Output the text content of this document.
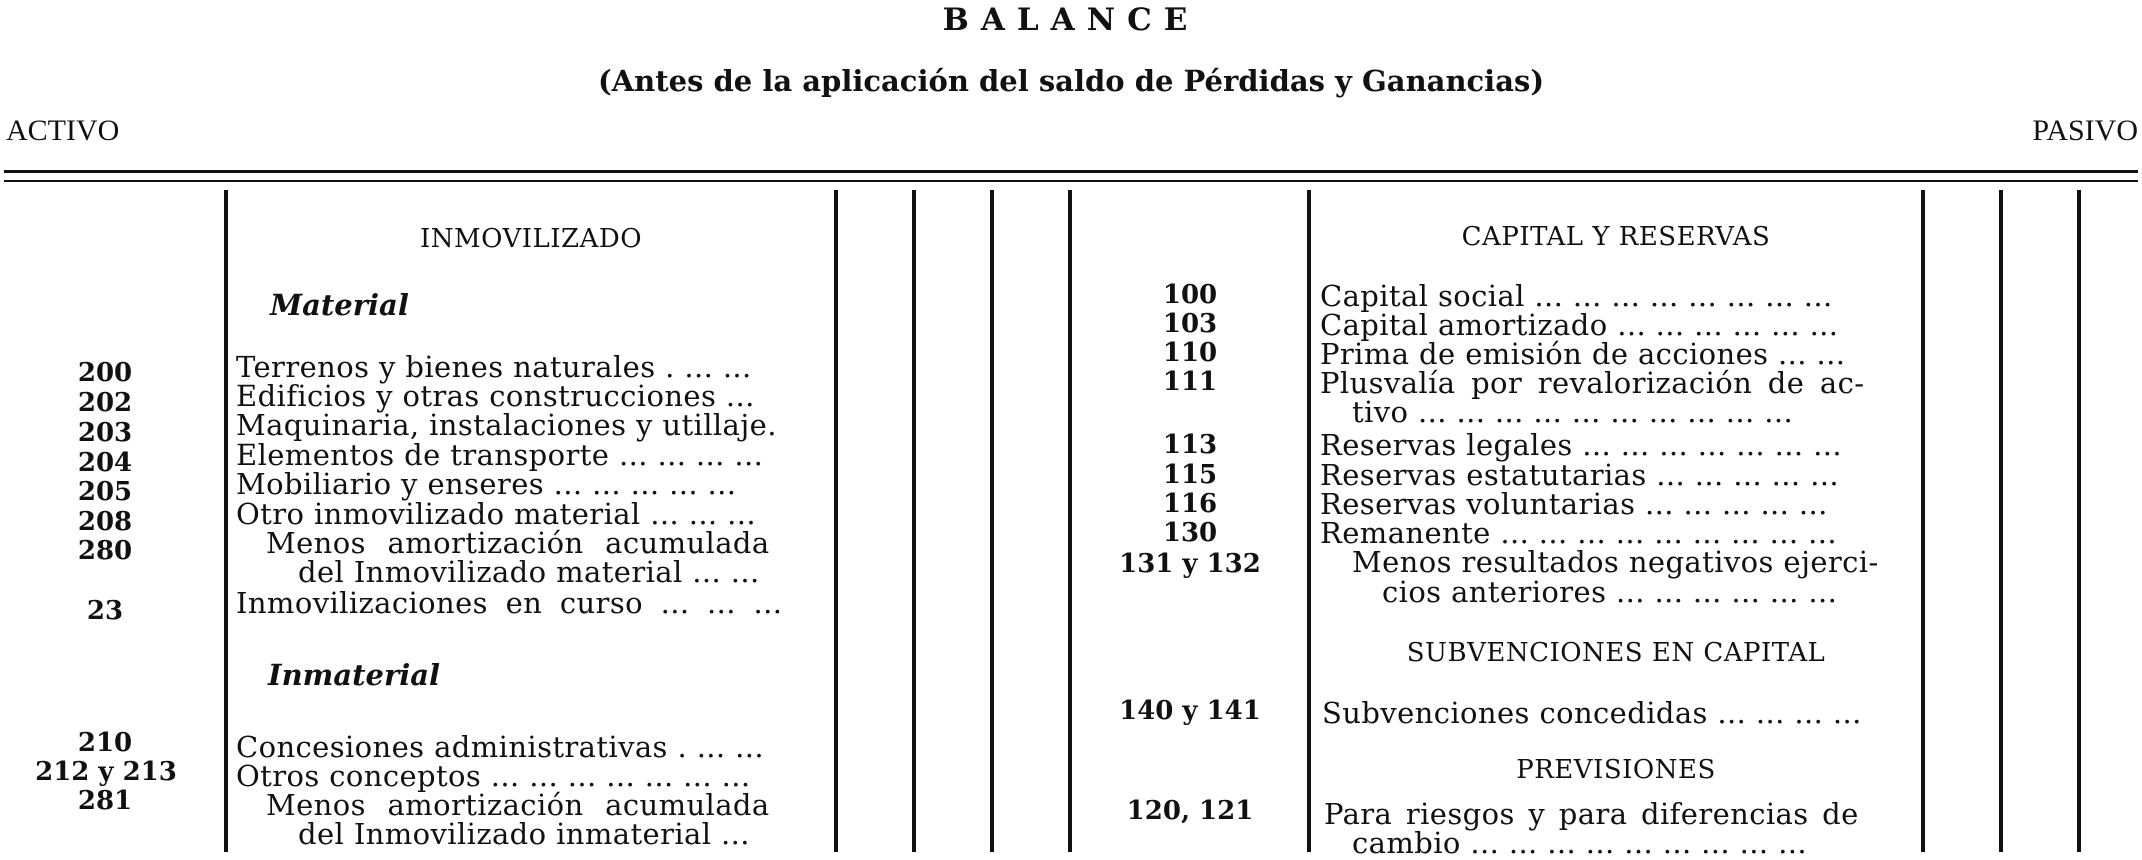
BALANCE
(Antes de la aplicación del saldo de Pérdidas y Ganancias)
ACTIVO	PASIVO
INMOVILIZADO
Material
Inmaterial
200	Terrenos y bienes naturales . ... ...
202	Edificios y otras construcciones ...
203	Maquinaria, instalaciones y utillaje.
204	Elementos de transporte ... ... ... ...
205	Mobiliario y enseres ... ... ... ... ...
208	Otro inmovilizado material ... ... ...
280	Menos amortización acumulada
del Inmovilizado material ... ...
23	Inmovilizaciones en curso ... ... ...
210	Concesiones administrativas . ... ...
212 y 213	Otros conceptos ... ... ... ... ... ... ...
281	Menos amortización acumulada
del Inmovilizado inmaterial ...
CAPITAL Y RESERVAS
100	Capital social ... ... ... ... ... ... ... ...
103	Capital amortizado ... ... ... ... ... ...
110	Prima de emisión de acciones ... ...
111	Plusvalía por revalorización de ac-
tivo ... ... ... ... ... ... ... ... ... ...
113	Reservas legales ... ... ... ... ... ... ...
115	Reservas estatutarias ... ... ... ... ...
116	Reservas voluntarias ... ... ... ... ...
130	Remanente ... ... ... ... ... ... ... ... ...
131 y 132	Menos resultados negativos ejerci-
cios anteriores ... ... ... ... ... ...
SUBVENCIONES EN CAPITAL
140 y 141	Subvenciones concedidas ... ... ... ...
PREVISIONES
120, 121	Para riesgos y para diferencias de
cambio ... ... ... ... ... ... ... ... ...
